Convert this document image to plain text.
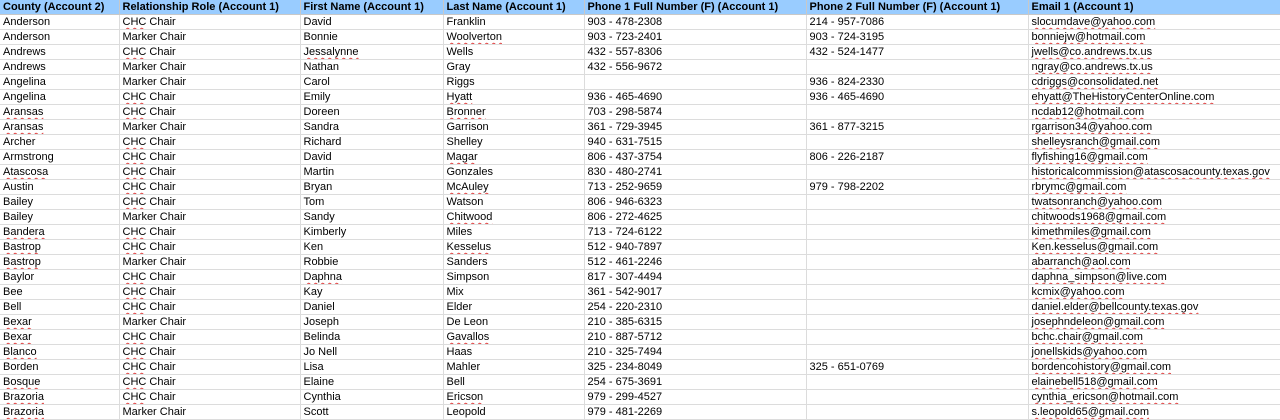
County (Account 2)	Relationship Role (Account 1)	First Name (Account 1)	Last Name (Account 1)	Phone 1 Full Number (F) (Account 1)	Phone 2 Full Number (F) (Account 1)	Email 1 (Account 1)
Anderson	CHC Chair	David	Franklin	903 - 478-2308	214 - 957-7086	slocumdave@yahoo.com
Anderson	Marker Chair	Bonnie	Woolverton	903 - 723-2401	903 - 724-3195	bonniejw@hotmail.com
Andrews	CHC Chair	Jessalynne	Wells	432 - 557-8306	432 - 524-1477	jwells@co.andrews.tx.us
Andrews	Marker Chair	Nathan	Gray	432 - 556-9672		ngray@co.andrews.tx.us
Angelina	Marker Chair	Carol	Riggs		936 - 824-2330	cdriggs@consolidated.net
Angelina	CHC Chair	Emily	Hyatt	936 - 465-4690	936 - 465-4690	ehyatt@TheHistoryCenterOnline.com
Aransas	CHC Chair	Doreen	Bronner	703 - 298-5874		ncdab12@hotmail.com
Aransas	Marker Chair	Sandra	Garrison	361 - 729-3945	361 - 877-3215	rgarrison34@yahoo.com
Archer	CHC Chair	Richard	Shelley	940 - 631-7515		shelleysranch@gmail.com
Armstrong	CHC Chair	David	Magar	806 - 437-3754	806 - 226-2187	flyfishing16@gmail.com
Atascosa	CHC Chair	Martin	Gonzales	830 - 480-2741		historicalcommission@atascosacounty.texas.gov
Austin	CHC Chair	Bryan	McAuley	713 - 252-9659	979 - 798-2202	rbrymc@gmail.com
Bailey	CHC Chair	Tom	Watson	806 - 946-6323		twatsonranch@yahoo.com
Bailey	Marker Chair	Sandy	Chitwood	806 - 272-4625		chitwoods1968@gmail.com
Bandera	CHC Chair	Kimberly	Miles	713 - 724-6122		kimethmiles@gmail.com
Bastrop	CHC Chair	Ken	Kesselus	512 - 940-7897		Ken.kesselus@gmail.com
Bastrop	Marker Chair	Robbie	Sanders	512 - 461-2246		abarranch@aol.com
Baylor	CHC Chair	Daphna	Simpson	817 - 307-4494		daphna_simpson@live.com
Bee	CHC Chair	Kay	Mix	361 - 542-9017		kcmix@yahoo.com
Bell	CHC Chair	Daniel	Elder	254 - 220-2310		daniel.elder@bellcounty.texas.gov
Bexar	Marker Chair	Joseph	De Leon	210 - 385-6315		josephndeleon@gmail.com
Bexar	CHC Chair	Belinda	Gavallos	210 - 887-5712		bchc.chair@gmail.com
Blanco	CHC Chair	Jo Nell	Haas	210 - 325-7494		jonellskids@yahoo.com
Borden	CHC Chair	Lisa	Mahler	325 - 234-8049	325 - 651-0769	bordencohistory@gmail.com
Bosque	CHC Chair	Elaine	Bell	254 - 675-3691		elainebell518@gmail.com
Brazoria	CHC Chair	Cynthia	Ericson	979 - 299-4527		cynthia_ericson@hotmail.com
Brazoria	Marker Chair	Scott	Leopold	979 - 481-2269		s.leopold65@gmail.com
